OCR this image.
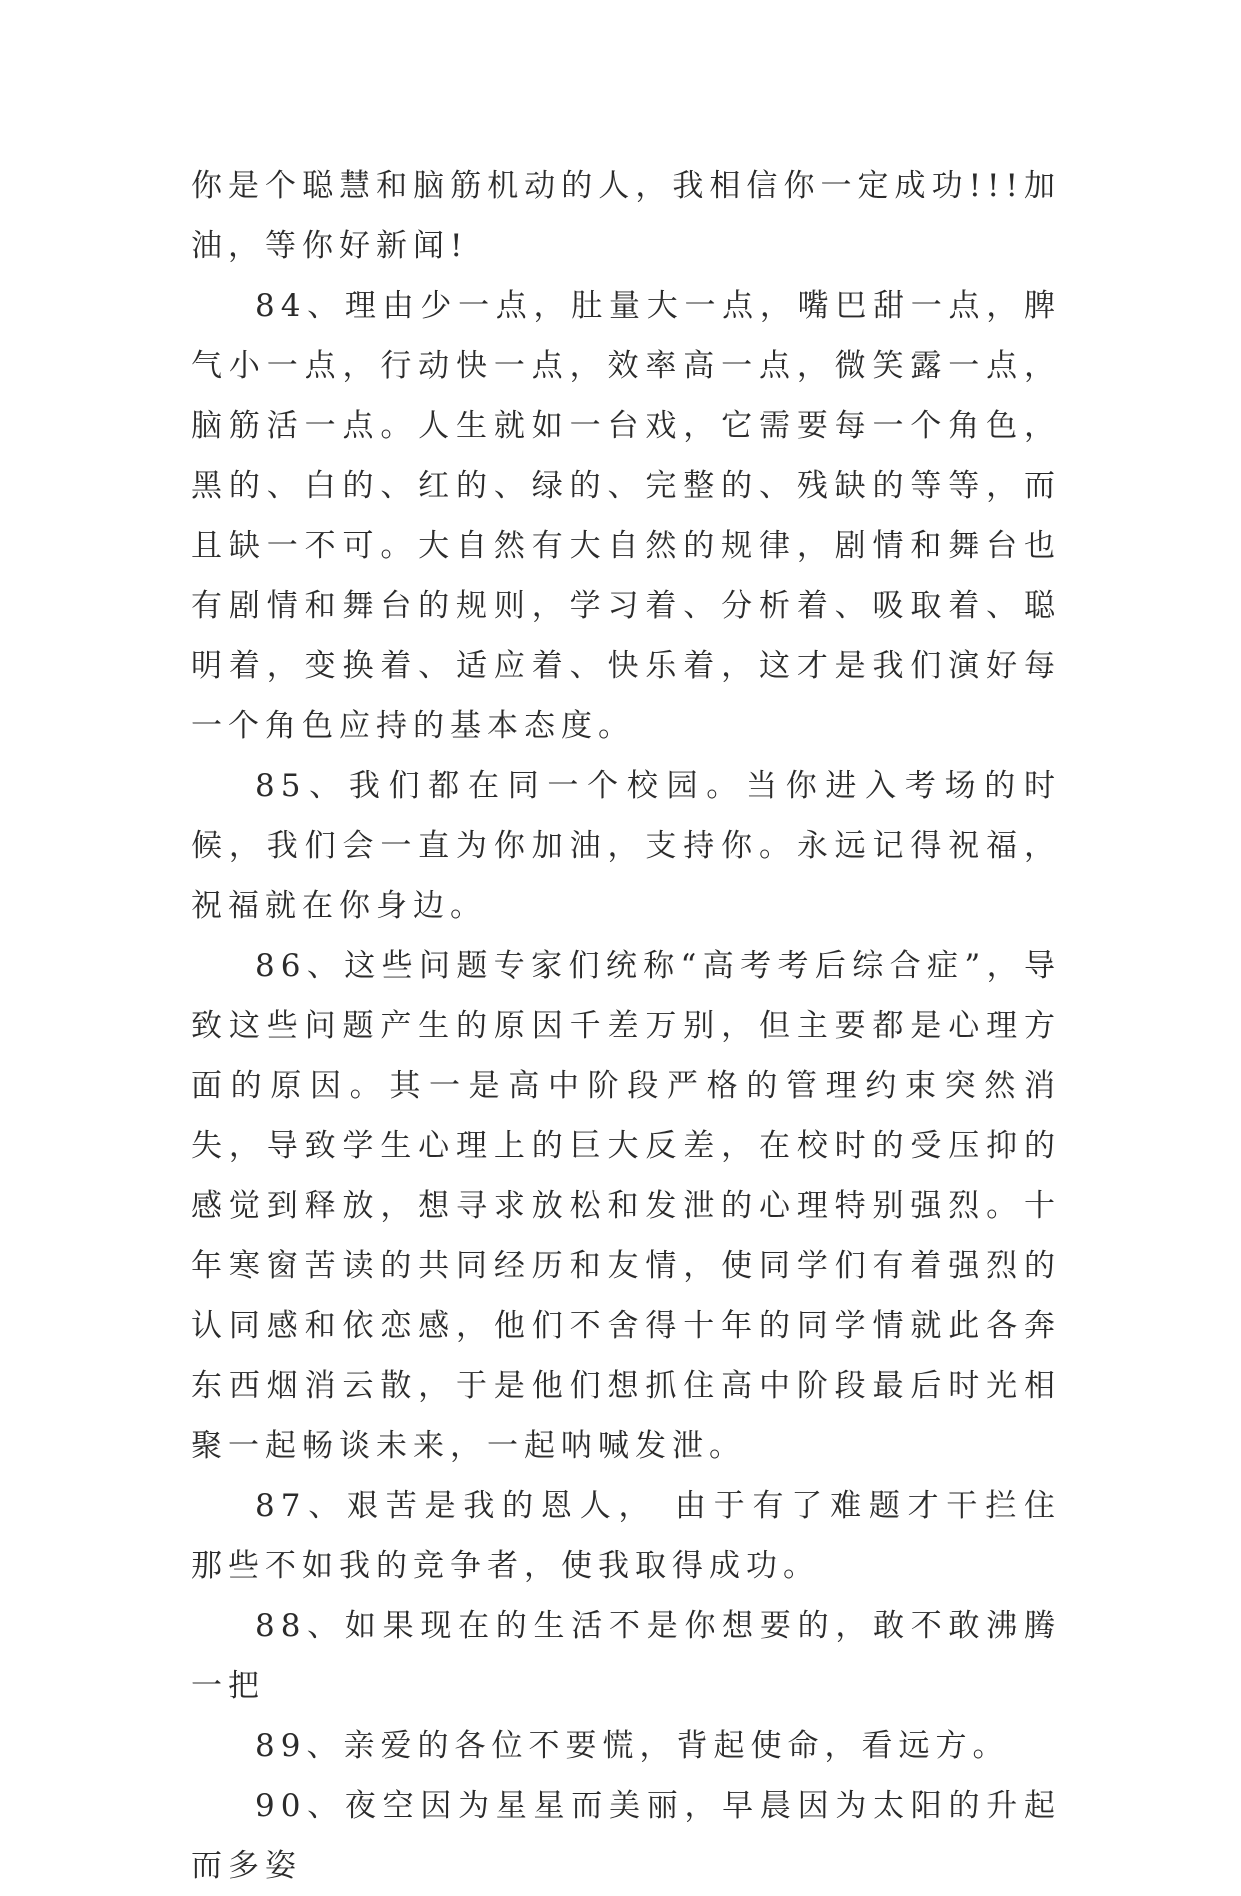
你是个聪慧和脑筋机动的人，我相信你一定成功!!!加油，等你好新闻!

84、理由少一点，肚量大一点，嘴巴甜一点，脾气小一点，行动快一点，效率高一点，微笑露一点，脑筋活一点。人生就如一台戏，它需要每一个角色，黑的、白的、红的、绿的、完整的、残缺的等等，而且缺一不可。大自然有大自然的规律，剧情和舞台也有剧情和舞台的规则，学习着、分析着、吸取着、聪明着，变换着、适应着、快乐着，这才是我们演好每一个角色应持的基本态度。

85、我们都在同一个校园。当你进入考场的时候，我们会一直为你加油，支持你。永远记得祝福，祝福就在你身边。

86、这些问题专家们统称“高考考后综合症”，导致这些问题产生的原因千差万别，但主要都是心理方面的原因。其一是高中阶段严格的管理约束突然消失，导致学生心理上的巨大反差，在校时的受压抑的感觉到释放，想寻求放松和发泄的心理特别强烈。十年寒窗苦读的共同经历和友情，使同学们有着强烈的认同感和依恋感，他们不舍得十年的同学情就此各奔东西烟消云散，于是他们想抓住高中阶段最后时光相聚一起畅谈未来，一起呐喊发泄。

87、艰苦是我的恩人， 由于有了难题才干拦住那些不如我的竞争者，使我取得成功。

88、如果现在的生活不是你想要的，敢不敢沸腾一把

89、亲爱的各位不要慌，背起使命，看远方。

90、夜空因为星星而美丽，早晨因为太阳的升起而多姿
